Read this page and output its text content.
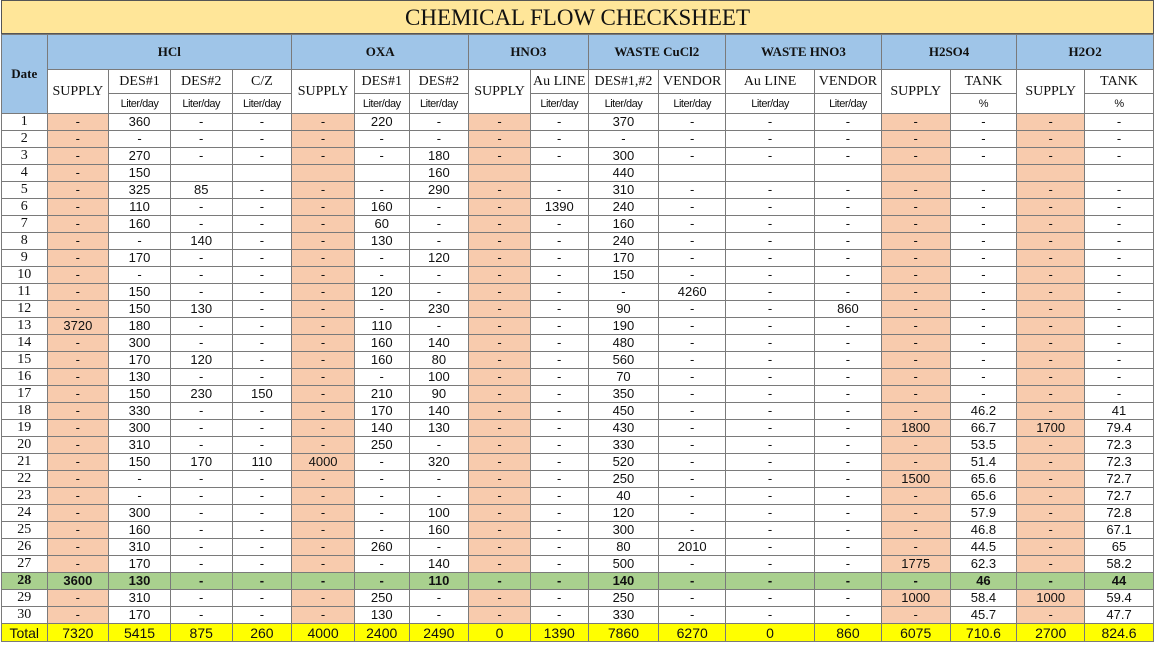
CHEMICAL FLOW CHECKSHEET
Date	HCl				OXA			HNO3		WASTE CuCl2		WASTE HNO3		H2SO4		H2O2	
	SUPPLY	DES#1	DES#2	C/Z	SUPPLY	DES#1	DES#2	SUPPLY	Au LINE	DES#1,#2	VENDOR	Au LINE	VENDOR	SUPPLY	TANK	SUPPLY	TANK
		Liter/day	Liter/day	Liter/day		Liter/day	Liter/day		Liter/day	Liter/day	Liter/day	Liter/day	Liter/day		%		%
1	-	360	-	-	-	220	-	-	-	370	-	-	-	-	-	-	-
2	-	-	-	-	-	-	-	-	-	-	-	-	-	-	-	-	-
3	-	270	-	-	-	-	180	-	-	300	-	-	-	-	-	-	-
4	-	150					160			440							
5	-	325	85	-	-	-	290	-	-	310	-	-	-	-	-	-	-
6	-	110	-	-	-	160	-	-	1390	240	-	-	-	-	-	-	-
7	-	160	-	-	-	60	-	-	-	160	-	-	-	-	-	-	-
8	-	-	140	-	-	130	-	-	-	240	-	-	-	-	-	-	-
9	-	170	-	-	-	-	120	-	-	170	-	-	-	-	-	-	-
10	-	-	-	-	-	-	-	-	-	150	-	-	-	-	-	-	-
11	-	150	-	-	-	120	-	-	-	-	4260	-	-	-	-	-	-
12	-	150	130	-	-	-	230	-	-	90	-	-	860	-	-	-	-
13	3720	180	-	-	-	110	-	-	-	190	-	-	-	-	-	-	-
14	-	300	-	-	-	160	140	-	-	480	-	-	-	-	-	-	-
15	-	170	120	-	-	160	80	-	-	560	-	-	-	-	-	-	-
16	-	130	-	-	-	-	100	-	-	70	-	-	-	-	-	-	-
17	-	150	230	150	-	210	90	-	-	350	-	-	-	-	-	-	-
18	-	330	-	-	-	170	140	-	-	450	-	-	-	-	46.2	-	41
19	-	300	-	-	-	140	130	-	-	430	-	-	-	1800	66.7	1700	79.4
20	-	310	-	-	-	250	-	-	-	330	-	-	-	-	53.5	-	72.3
21	-	150	170	110	4000	-	320	-	-	520	-	-	-	-	51.4	-	72.3
22	-	-	-	-	-	-	-	-	-	250	-	-	-	1500	65.6	-	72.7
23	-	-	-	-	-	-	-	-	-	40	-	-	-	-	65.6	-	72.7
24	-	300	-	-	-	-	100	-	-	120	-	-	-	-	57.9	-	72.8
25	-	160	-	-	-	-	160	-	-	300	-	-	-	-	46.8	-	67.1
26	-	310	-	-	-	260	-	-	-	80	2010	-	-	-	44.5	-	65
27	-	170	-	-	-	-	140	-	-	500	-	-	-	1775	62.3	-	58.2
28	3600	130	-	-	-	-	110	-	-	140	-	-	-	-	46	-	44
29	-	310	-	-	-	250	-	-	-	250	-	-	-	1000	58.4	1000	59.4
30	-	170	-	-	-	130	-	-	-	330	-	-	-	-	45.7	-	47.7
Total	7320	5415	875	260	4000	2400	2490	0	1390	7860	6270	0	860	6075	710.6	2700	824.6
